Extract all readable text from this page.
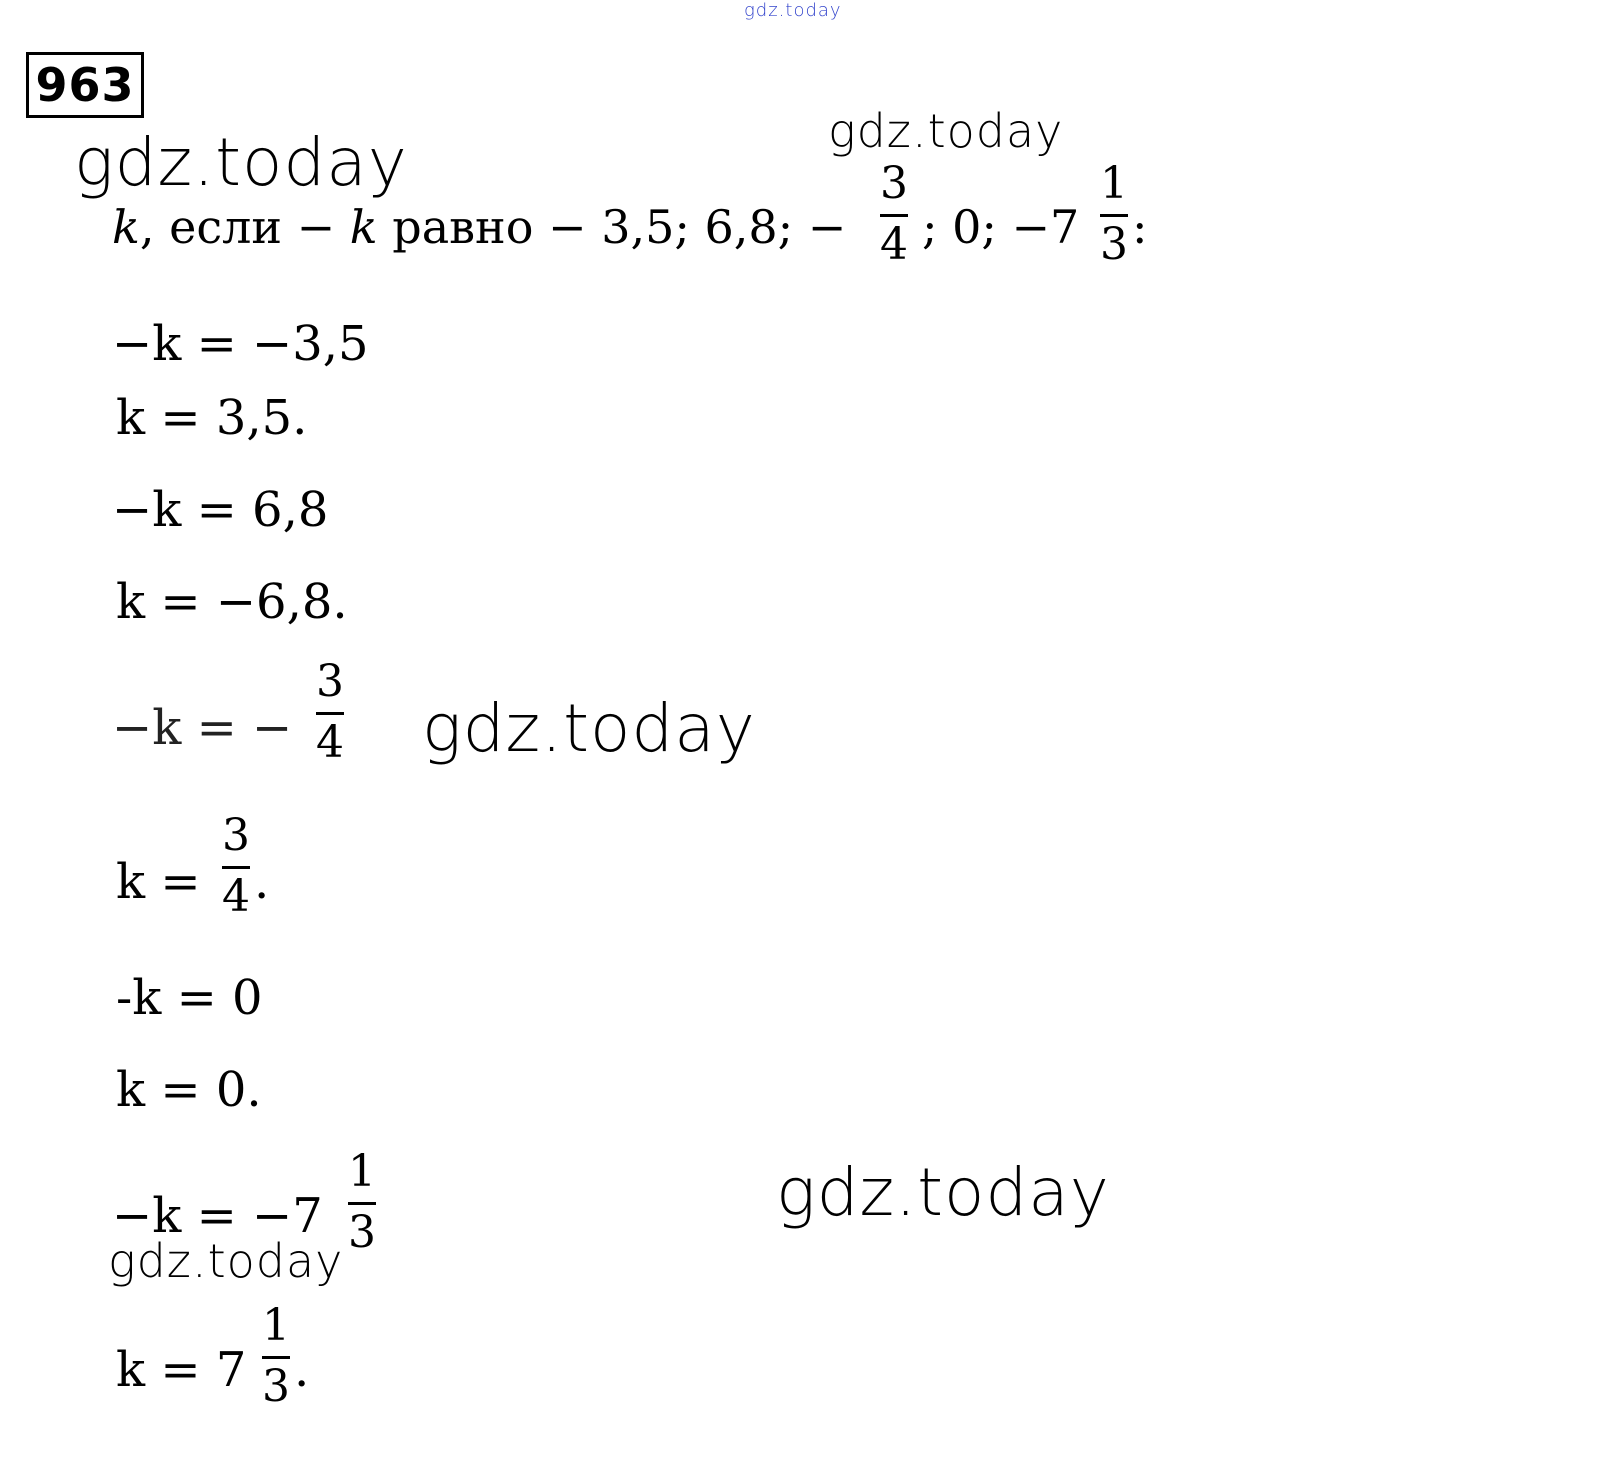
gdz.today
gdz.today
gdz.today
gdz.today
gdz.today
gdz.today
963
k, если − k равно − 3,5; 6,8; −
3
4 ; 0; −7
1
3 :
−k = −3,5
k = 3,5.
−k = 6,8
k = −6,8.
−k = −
3
4
k =
3
4 .
-k = 0
k = 0.
−k = −7
1
3
k = 7
1
3 .
